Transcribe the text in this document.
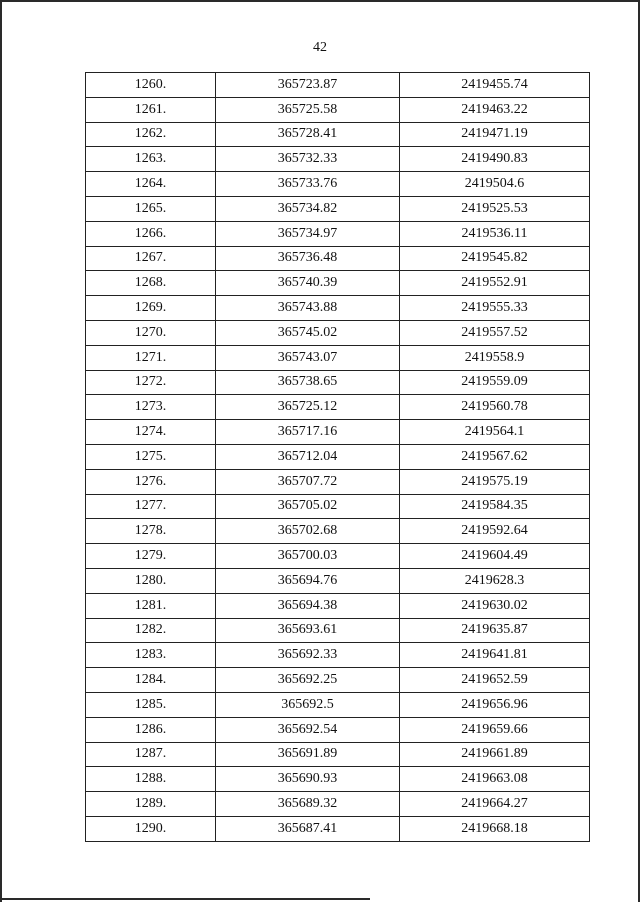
42
1260.	365723.87	2419455.74
1261.	365725.58	2419463.22
1262.	365728.41	2419471.19
1263.	365732.33	2419490.83
1264.	365733.76	2419504.6
1265.	365734.82	2419525.53
1266.	365734.97	2419536.11
1267.	365736.48	2419545.82
1268.	365740.39	2419552.91
1269.	365743.88	2419555.33
1270.	365745.02	2419557.52
1271.	365743.07	2419558.9
1272.	365738.65	2419559.09
1273.	365725.12	2419560.78
1274.	365717.16	2419564.1
1275.	365712.04	2419567.62
1276.	365707.72	2419575.19
1277.	365705.02	2419584.35
1278.	365702.68	2419592.64
1279.	365700.03	2419604.49
1280.	365694.76	2419628.3
1281.	365694.38	2419630.02
1282.	365693.61	2419635.87
1283.	365692.33	2419641.81
1284.	365692.25	2419652.59
1285.	365692.5	2419656.96
1286.	365692.54	2419659.66
1287.	365691.89	2419661.89
1288.	365690.93	2419663.08
1289.	365689.32	2419664.27
1290.	365687.41	2419668.18
